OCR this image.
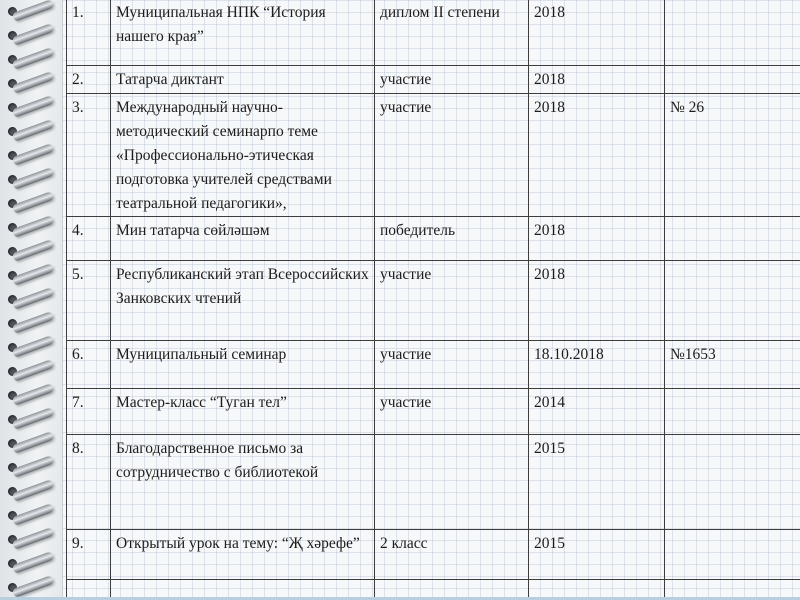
1.	Муниципальная НПК “История нашего края”	диплом II степени	2018	
2.	Татарча диктант	участие	2018	
3.	Международный научно-методический семинарпо теме «Профессионально-этическая подготовка учителей средствами театральной педагогики»,	участие	2018	№ 26
4.	Мин татарча сөйләшәм	победитель	2018	
5.	Республиканский этап Всероссийских Занковских чтений	участие	2018	
6.	Муниципальный семинар	участие	18.10.2018	№1653
7.	Мастер-класс “Туган тел”	участие	2014	
8.	Благодарственное письмо за сотрудничество с библиотекой		2015	
9.	Открытый урок на тему: “Җ хәрефе”	2 класс	2015	
